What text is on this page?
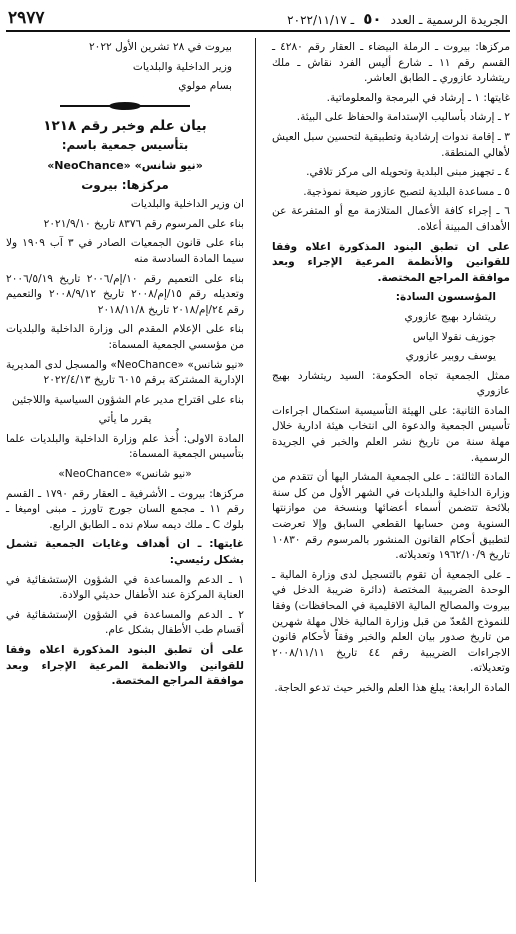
الجريدة الرسمية ـ العدد ٥٠ ـ ٢٠٢٢/١١/١٧
٢٩٧٧

مركزها: بيروت ـ الرملة البيضاء ـ العقار رقم ٤٢٨٠ ـ القسم رقم ١١ ـ شارع أليس الفرد نقاش ـ ملك ريتشارد عازوري ـ الطابق العاشر.

غايتها: ١ ـ إرشاد في البرمجة والمعلوماتية.

٢ ـ إرشاد بأساليب الإستدامة والحفاظ على البيئة.

٣ ـ إقامة ندوات إرشادية وتطبيقية لتحسين سبل العيش لأهالي المنطقة.

٤ ـ تجهيز مبنى البلدية وتحويله الى مركز تلاقي.

٥ ـ مساعدة البلدية لتصبح عازور ضيعة نموذجية.

٦ ـ إجراء كافة الأعمال المتلازمة مع أو المتفرعة عن الأهداف المبينة أعلاه.

على ان تطبق البنود المذكورة اعلاه وفقا للقوانين والأنظمة المرعية الإجراء وبعد موافقة المراجع المختصة.

المؤسسون السادة:

ريتشارد بهيج عازوري

جوزيف نقولا الياس

يوسف روبير عازوري

ممثل الجمعية تجاه الحكومة: السيد ريتشارد بهيج عازوري

المادة الثانية: على الهيئة التأسيسية استكمال اجراءات تأسيس الجمعية والدعوة الى انتخاب هيئة ادارية خلال مهلة سنة من تاريخ نشر العلم والخبر في الجريدة الرسمية.

المادة الثالثة: ـ على الجمعية المشار اليها أن تتقدم من وزارة الداخلية والبلديات في الشهر الأول من كل سنة بلائحة تتضمن أسماء أعضائها وبنسخة من موازنتها السنوية ومن حسابها القطعي السابق وإلا تعرضت لتطبيق أحكام القانون المنشور بالمرسوم رقم ١٠٨٣٠ تاريخ ١٩٦٢/١٠/٩ وتعديلاته.

ـ على الجمعية أن تقوم بالتسجيل لدى وزارة المالية ـ الوحدة الضريبية المختصة (دائرة ضريبة الدخل في بيروت والمصالح المالية الاقليمية في المحافظات) وفقا للنموذج المُعدّ من قبل وزارة المالية خلال مهلة شهرين من تاريخ صدور بيان العلم والخبر وفقاً لأحكام قانون الاجراءات الضريبية رقم ٤٤ تاريخ ٢٠٠٨/١١/١١ وتعديلاته.

المادة الرابعة: يبلغ هذا العلم والخبر حيث تدعو الحاجة.

بيروت في ٢٨ تشرين الأول ٢٠٢٢

وزير الداخلية والبلديات

بسام مولوي

بيان علم وخبر رقم ١٢١٨

بتأسيس جمعية باسم:

«نيو شانس» «NeoChance»

مركزها: بيروت

ان وزير الداخلية والبلديات

بناء على المرسوم رقم ٨٣٧٦ تاريخ ٢٠٢١/٩/١٠

بناء على قانون الجمعيات الصادر في ٣ آب ١٩٠٩ ولا سيما المادة السادسة منه

بناء على التعميم رقم ١٠/إم/٢٠٠٦ تاريخ ٢٠٠٦/٥/١٩ وتعديله رقم ١٥/إم/٢٠٠٨ تاريخ ٢٠٠٨/٩/١٢ والتعميم رقم ٢٤/إم/٢٠١٨ تاريخ ٢٠١٨/١١/٨

بناء على الإعلام المقدم الى وزارة الداخلية والبلديات من مؤسسي الجمعية المسماة:

«نيو شانس» «NeoChance» والمسجل لدى المديرية الإدارية المشتركة برقم ٦٠١٥ تاريخ ٢٠٢٢/٤/١٣

بناء على اقتراح مدير عام الشؤون السياسية واللاجئين

يقرر ما يأتي

المادة الاولى: أُخذ علم وزارة الداخلية والبلديات علما بتأسيس الجمعية المسماة:

«نيو شانس» «NeoChance»

مركزها: بيروت ـ الأشرفية ـ العقار رقم ١٧٩٠ ـ القسم رقم ١١ ـ مجمع السان جورج تاورز ـ مبنى اوميغا ـ بلوك C ـ ملك ديمه سلام نده ـ الطابق الرابع.

غايتها: ـ ان أهداف وغايات الجمعية تشمل بشكل رئيسي:

١ ـ الدعم والمساعدة في الشؤون الإستشفائية في العناية المركزة عند الأطفال حديثي الولادة.

٢ ـ الدعم والمساعدة في الشؤون الإستشفائية في أقسام طب الأطفال بشكل عام.

على أن تطبق البنود المذكورة اعلاه وفقا للقوانين والانظمة المرعية الإجراء وبعد موافقة المراجع المختصة.
